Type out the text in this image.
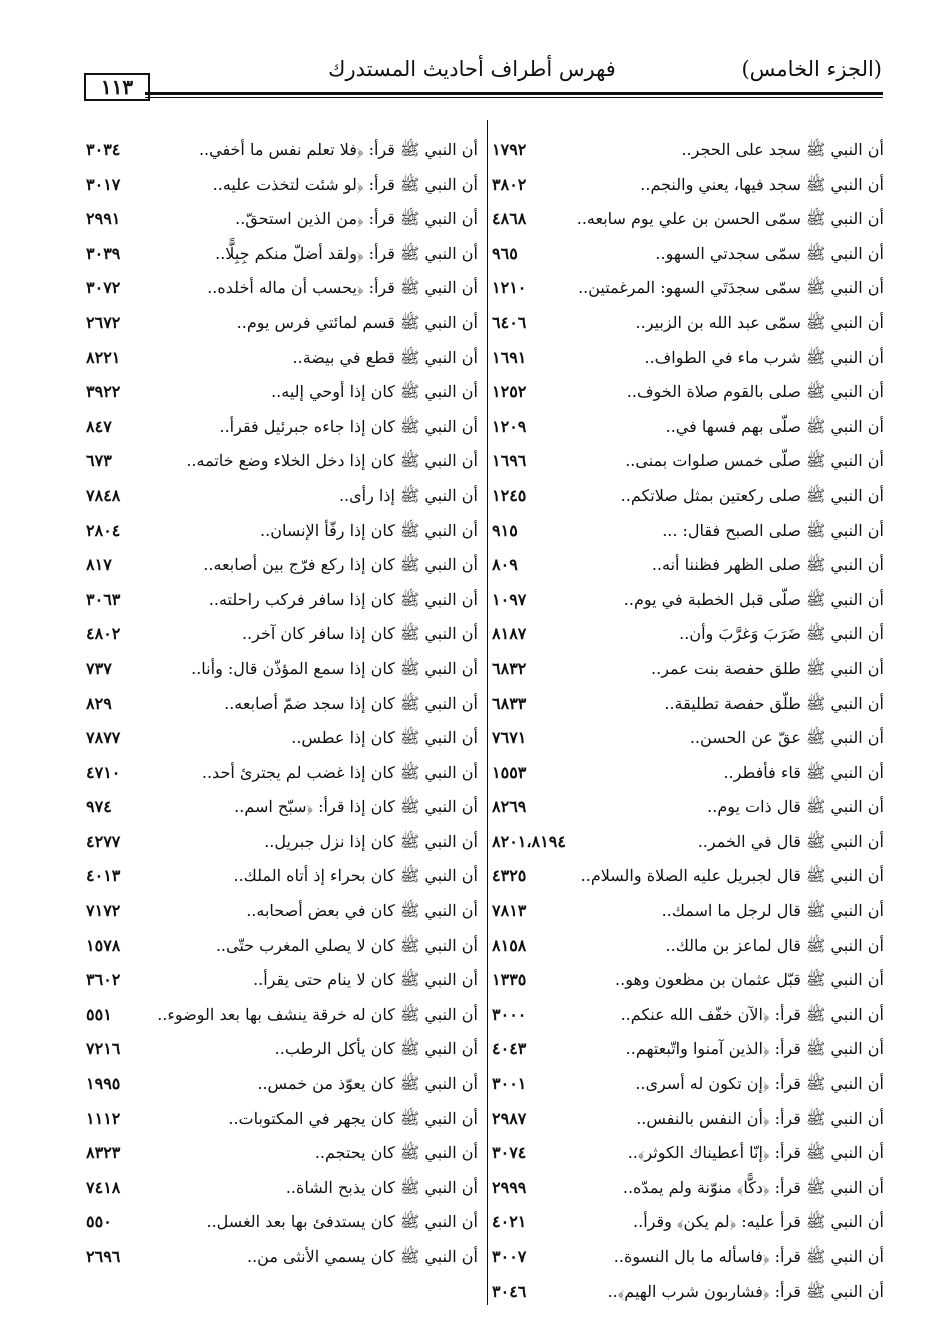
١١٣
فهرس أطراف أحاديث المستدرك	(الجزء الخامس)
أن النبي ﷺ سجد على الحجر..
١٧٩٢
أن النبي ﷺ سجد فيها، يعني والنجم..
٣٨٠٢
أن النبي ﷺ سمّى الحسن بن علي يوم سابعه..
٤٨٦٨
أن النبي ﷺ سمّى سجدتي السهو..
٩٦٥
أن النبي ﷺ سمّى سجدَتَي السهو: المرغمتين..
١٢١٠
أن النبي ﷺ سمّى عبد الله بن الزبير..
٦٤٠٦
أن النبي ﷺ شرب ماء في الطواف..
١٦٩١
أن النبي ﷺ صلى بالقوم صلاة الخوف..
١٢٥٢
أن النبي ﷺ صلّى بهم فسها في..
١٢٠٩
أن النبي ﷺ صلّى خمس صلوات بمنى..
١٦٩٦
أن النبي ﷺ صلى ركعتين بمثل صلاتكم..
١٢٤٥
أن النبي ﷺ صلى الصبح فقال: ...
٩١٥
أن النبي ﷺ صلى الظهر فظننا أنه..
٨٠٩
أن النبي ﷺ صلّى قبل الخطبة في يوم..
١٠٩٧
أن النبي ﷺ ضَرَبَ وَغرَّبَ وأن..
٨١٨٧
أن النبي ﷺ طلق حفصة بنت عمر..
٦٨٣٢
أن النبي ﷺ طلّق حفصة تطليقة..
٦٨٣٣
أن النبي ﷺ عقّ عن الحسن..
٧٦٧١
أن النبي ﷺ قاء فأفطر..
١٥٥٣
أن النبي ﷺ قال ذات يوم..
٨٢٦٩
أن النبي ﷺ قال في الخمر..
٨٢٠١،٨١٩٤
أن النبي ﷺ قال لجبريل عليه الصلاة والسلام..
٤٣٢٥
أن النبي ﷺ قال لرجل ما اسمك..
٧٨١٣
أن النبي ﷺ قال لماعز بن مالك..
٨١٥٨
أن النبي ﷺ قبّل عثمان بن مظعون وهو..
١٣٣٥
أن النبي ﷺ قرأ: ﴿الآن خفّف الله عنكم..
٣٠٠٠
أن النبي ﷺ قرأ: ﴿الذين آمنوا واتّبعتهم..
٤٠٤٣
أن النبي ﷺ قرأ: ﴿إن تكون له أسرى..
٣٠٠١
أن النبي ﷺ قرأ: ﴿أن النفس بالنفس..
٢٩٨٧
أن النبي ﷺ قرأ: ﴿إنّا أعطيناك الكوثر﴾..
٣٠٧٤
أن النبي ﷺ قرأ: ﴿دكًّا﴾ منوّنة ولم يمدّه..
٢٩٩٩
أن النبي ﷺ قرأ عليه: ﴿لم يكن﴾ وقرأ..
٤٠٢١
أن النبي ﷺ قرأ: ﴿فاسأله ما بال النسوة..
٣٠٠٧
أن النبي ﷺ قرأ: ﴿فشاربون شرب الهيم﴾..
٣٠٤٦
أن النبي ﷺ قرأ: ﴿فلا تعلم نفس ما أخفي..
٣٠٣٤
أن النبي ﷺ قرأ: ﴿لو شئت لتخذت عليه..
٣٠١٧
أن النبي ﷺ قرأ: ﴿من الذين استحقّ..
٢٩٩١
أن النبي ﷺ قرأ: ﴿ولقد أضلّ منكم جِبِلًّا..
٣٠٣٩
أن النبي ﷺ قرأ: ﴿يحسب أن ماله أخلده..
٣٠٧٢
أن النبي ﷺ قسم لمائتي فرس يوم..
٢٦٧٢
أن النبي ﷺ قطع في بيضة..
٨٢٢١
أن النبي ﷺ كان إذا أوحي إليه..
٣٩٢٢
أن النبي ﷺ كان إذا جاءه جبرئيل فقرأ..
٨٤٧
أن النبي ﷺ كان إذا دخل الخلاء وضع خاتمه..
٦٧٣
أن النبي ﷺ إذا رأى..
٧٨٤٨
أن النبي ﷺ كان إذا رفّأ الإنسان..
٢٨٠٤
أن النبي ﷺ كان إذا ركع فرّج بين أصابعه..
٨١٧
أن النبي ﷺ كان إذا سافر فركب راحلته..
٣٠٦٣
أن النبي ﷺ كان إذا سافر كان آخر..
٤٨٠٢
أن النبي ﷺ كان إذا سمع المؤذّن قال: وأنا..
٧٣٧
أن النبي ﷺ كان إذا سجد ضمّ أصابعه..
٨٢٩
أن النبي ﷺ كان إذا عطس..
٧٨٧٧
أن النبي ﷺ كان إذا غضب لم يجترئ أحد..
٤٧١٠
أن النبي ﷺ كان إذا قرأ: ﴿سبّح اسم..
٩٧٤
أن النبي ﷺ كان إذا نزل جبريل..
٤٢٧٧
أن النبي ﷺ كان بحراء إذ أتاه الملك..
٤٠١٣
أن النبي ﷺ كان في بعض أصحابه..
٧١٧٢
أن النبي ﷺ كان لا يصلي المغرب حتّى..
١٥٧٨
أن النبي ﷺ كان لا ينام حتى يقرأ..
٣٦٠٢
أن النبي ﷺ كان له خرقة ينشف بها بعد الوضوء..
٥٥١
أن النبي ﷺ كان يأكل الرطب..
٧٢١٦
أن النبي ﷺ كان يعوّذ من خمس..
١٩٩٥
أن النبي ﷺ كان يجهر في المكتوبات..
١١١٢
أن النبي ﷺ كان يحتجم..
٨٣٢٣
أن النبي ﷺ كان يذبح الشاة..
٧٤١٨
أن النبي ﷺ كان يستدفئ بها بعد الغسل..
٥٥٠
أن النبي ﷺ كان يسمي الأنثى من..
٢٦٩٦
